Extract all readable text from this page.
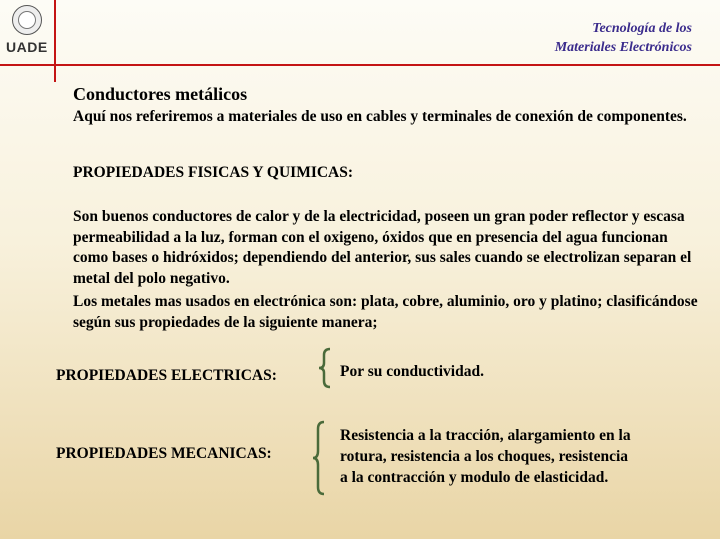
UADE
Tecnología de los
Materiales Electrónicos
Conductores metálicos
Aquí nos referiremos a materiales de uso en cables y terminales de conexión de componentes.
PROPIEDADES FISICAS Y QUIMICAS:
Son buenos conductores de calor y de la electricidad, poseen un gran poder reflector y escasa permeabilidad a la luz, forman con el oxigeno, óxidos que en presencia del agua funcionan como bases o hidróxidos; dependiendo del anterior, sus sales cuando se electrolizan separan el metal del polo negativo.
Los metales mas usados en electrónica son: plata, cobre, aluminio, oro y platino; clasificándose según sus propiedades de la siguiente manera;
PROPIEDADES ELECTRICAS:	Por su conductividad.
PROPIEDADES MECANICAS:
Resistencia a la tracción, alargamiento en la
rotura, resistencia a los choques, resistencia
a la contracción y modulo de elasticidad.
